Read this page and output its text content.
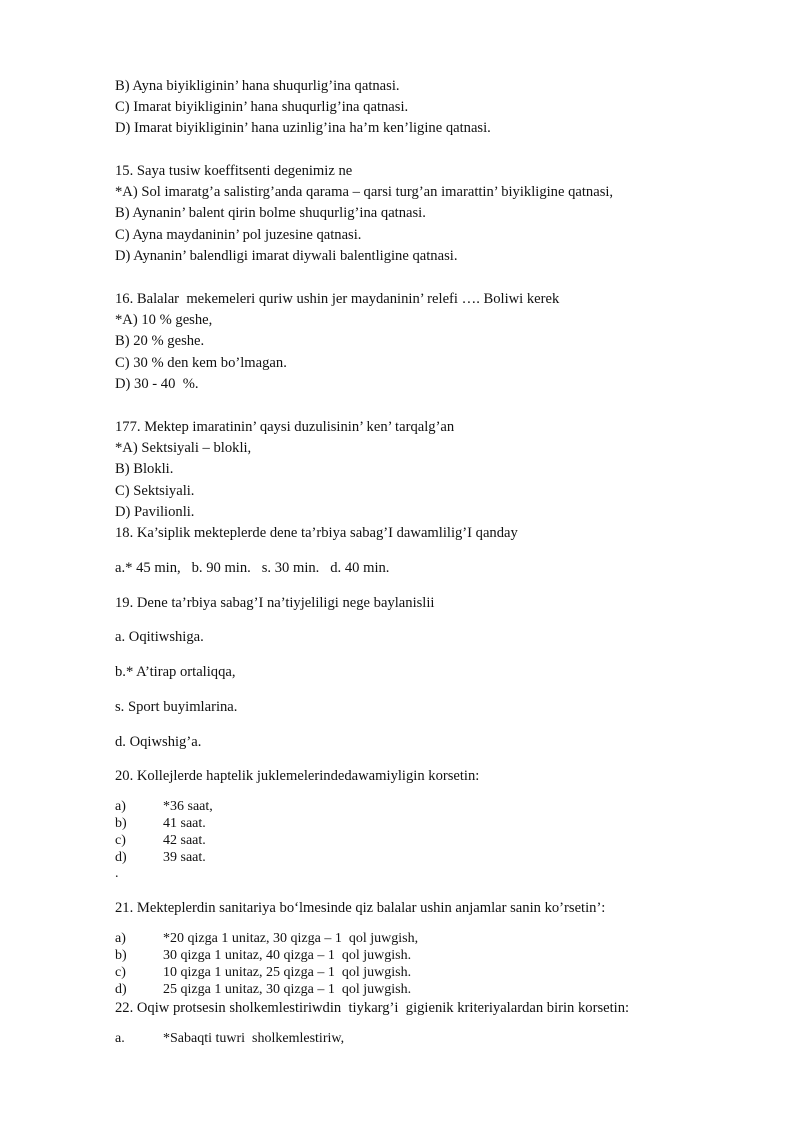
B) Ayna biyikliginin’ hana shuqurlig’ina qatnasi.
C) Imarat biyikliginin’ hana shuqurlig’ina qatnasi.
D) Imarat biyikliginin’ hana uzinlig’ina ha’m ken’ligine qatnasi.
15. Saya tusiw koeffitsenti degenimiz ne
*A) Sol imaratg’a salistirg’anda qarama – qarsi turg’an imarattin’ biyikligine qatnasi,
B) Aynanin’ balent qirin bolme shuqurlig’ina qatnasi.
C) Ayna maydaninin’ pol juzesine qatnasi.
D) Aynanin’ balendligi imarat diywali balentligine qatnasi.
16. Balalar  mekemeleri quriw ushin jer maydaninin’ relefi …. Boliwi kerek
*A) 10 % geshe,
B) 20 % geshe.
C) 30 % den kem bo’lmagan.
D) 30 - 40  %.
177. Mektep imaratinin’ qaysi duzulisinin’ ken’ tarqalg’an
*A) Sektsiyali – blokli,
B) Blokli.
C) Sektsiyali.
D) Pavilionli.
18. Ka’siplik mekteplerde dene ta’rbiya sabag’I dawamlilig’I qanday
a.* 45 min,   b. 90 min.   s. 30 min.   d. 40 min.
19. Dene ta’rbiya sabag’I na’tiyjeliligi nege baylanislii
a. Oqitiwshiga.
b.* A’tirap ortaliqqa,
s. Sport buyimlarina.
d. Oqiwshig’a.
20. Kollejlerde haptelik juklemelerindedawamiyligin korsetin:
a)	*36 saat,
b)	41 saat.
c)	42 saat.
d)	39 saat.
.
21. Mekteplerdin sanitariya bo‘lmesinde qiz balalar ushin anjamlar sanin ko’rsetin’:
a)	*20 qizga 1 unitaz, 30 qizga – 1  qol juwgish,
b)	30 qizga 1 unitaz, 40 qizga – 1  qol juwgish.
c)	10 qizga 1 unitaz, 25 qizga – 1  qol juwgish.
d)	25 qizga 1 unitaz, 30 qizga – 1  qol juwgish.
22. Oqiw protsesin sholkemlestiriwdin  tiykarg’i  gigienik kriteriyalardan birin korsetin:
a.	*Sabaqti tuwri  sholkemlestiriw,
